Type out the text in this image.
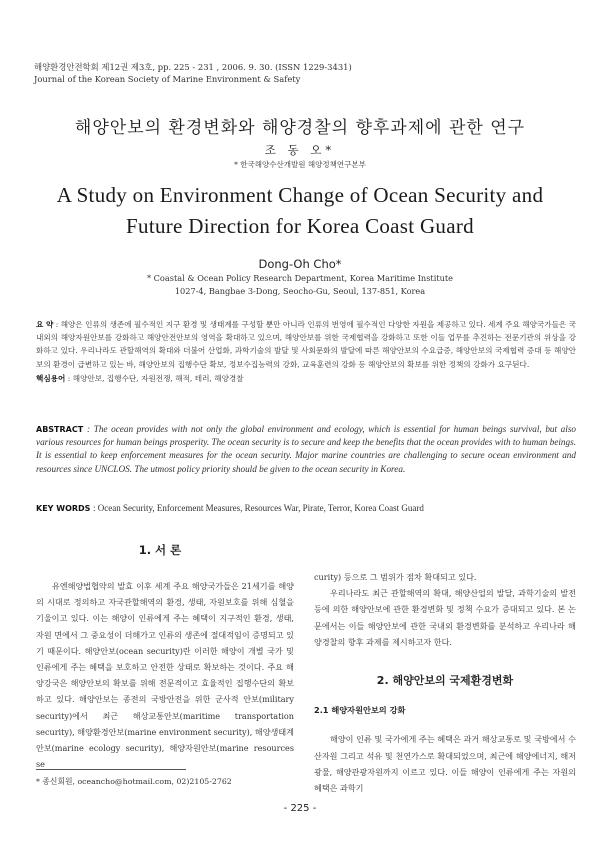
해양환경안전학회 제12권 제3호, pp. 225 - 231 , 2006. 9. 30. (ISSN 1229-3431)
Journal of the Korean Society of Marine Environment & Safety
해양안보의 환경변화와 해양경찰의 향후과제에 관한 연구
조 동 오*
* 한국해양수산개발원 해양정책연구본부
A Study on Environment Change of Ocean Security and
Future Direction for Korea Coast Guard
Dong-Oh Cho*
* Coastal & Ocean Policy Research Department, Korea Maritime Institute
1027-4, Bangbae 3-Dong, Seocho-Gu, Seoul, 137-851, Korea
요 약 : 해양은 인류의 생존에 필수적인 지구 환경 및 생태계를 구성할 뿐만 아니라 인류의 번영에 필수적인 다양한 자원을 제공하고 있다. 세계 주요 해양국가들은 국내외의 해양자원안보를 강화하고 해양안전안보의 영역을 확대하고 있으며, 해양안보를 위한 국제협력을 강화하고 또한 이들 업무를 추진하는 전문기관의 위상을 강화하고 있다. 우리나라도 관할해역의 확대와 더불어 산업화, 과학기술의 발달 및 사회문화의 발달에 따른 해양안보의 수요급증, 해양안보의 국제협력 증대 등 해양안보의 환경이 급변하고 있는 바, 해양안보의 집행수단 확보, 정보수집능력의 강화, 교육훈련의 강화 등 해양안보의 확보를 위한 정책의 강화가 요구된다.
핵심용어 : 해양안보, 집행수단, 자원전쟁, 해적, 테러, 해양경찰
ABSTRACT : The ocean provides with not only the global environment and ecology, which is essential for human beings survival, but also various resources for human beings prosperity. The ocean security is to secure and keep the benefits that the ocean provides with to human beings. It is essential to keep enforcement measures for the ocean security. Major marine countries are challenging to secure ocean environment and resources since UNCLOS. The utmost policy priority should be given to the ocean security in Korea.
KEY WORDS : Ocean Security, Enforcement Measures, Resources War, Pirate, Terror, Korea Coast Guard
1. 서 론

유엔해양법협약의 발효 이후 세계 주요 해양국가들은 21세기를 해양의 시대로 정의하고 자국관할해역의 환경, 생태, 자원보호를 위해 심혈을 기울이고 있다. 이는 해양이 인류에게 주는 혜택이 지구적인 환경, 생태, 자원 면에서 그 중요성이 더해가고 인류의 생존에 절대적임이 증명되고 있기 때문이다. 해양안보(ocean security)란 이러한 해양이 개별 국가 및 인류에게 주는 혜택을 보호하고 안전한 상태로 확보하는 것이다. 주요 해양강국은 해양안보의 확보를 위해 전문적이고 효율적인 집행수단의 확보하고 있다. 해양안보는 종전의 국방안전을 위한 군사적 안보(military security)에서 최근 해상교통안보(maritime transportation security), 해양환경안보(marine environment security), 해양생태계안보(marine ecology security), 해양자원안보(marine resources se

* 종신회원, oceancho@hotmail.com, 02)2105-2762

curity) 등으로 그 범위가 점차 확대되고 있다.

우리나라도 최근 관할해역의 확대, 해양산업의 발달, 과학기술의 발전 등에 의한 해양안보에 관한 환경변화 및 정책 수요가 증대되고 있다. 본 논문에서는 이들 해양안보에 관한 국내외 환경변화를 분석하고 우리나라 해양경찰의 향후 과제를 제시하고자 한다.

2. 해양안보의 국제환경변화
2.1 해양자원안보의 강화

해양이 인류 및 국가에게 주는 혜택은 과거 해상교통로 및 국방에서 수산자원 그리고 석유 및 천연가스로 확대되었으며, 최근에 해양에너지, 해저광물, 해양관광자원까지 이르고 있다. 이들 해양이 인류에게 주는 자원의 혜택은 과학기

- 225 -
